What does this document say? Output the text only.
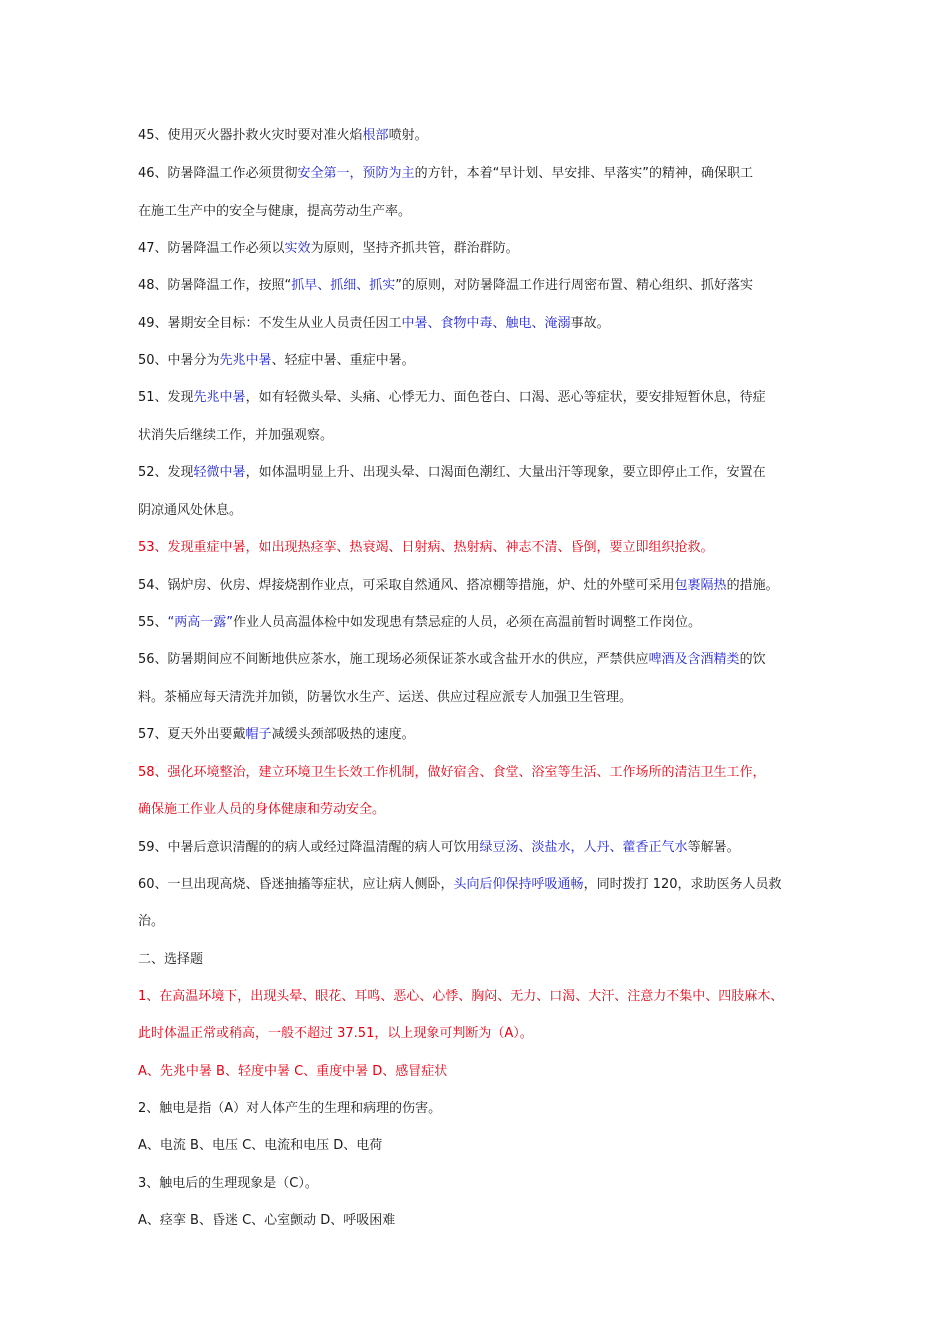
45、使用灭火器扑救火灾时要对准火焰根部喷射。
46、防暑降温工作必须贯彻安全第一，预防为主的方针，本着“早计划、早安排、早落实”的精神，确保职工
在施工生产中的安全与健康，提高劳动生产率。
47、防暑降温工作必须以实效为原则，坚持齐抓共管，群治群防。
48、防暑降温工作，按照“抓早、抓细、抓实”的原则，对防暑降温工作进行周密布置、精心组织、抓好落实
49、暑期安全目标：不发生从业人员责任因工中暑、食物中毒、触电、淹溺事故。
50、中暑分为先兆中暑、轻症中暑、重症中暑。
51、发现先兆中暑，如有轻微头晕、头痛、心悸无力、面色苍白、口渴、恶心等症状，要安排短暂休息，待症
状消失后继续工作，并加强观察。
52、发现轻微中暑，如体温明显上升、出现头晕、口渴面色潮红、大量出汗等现象，要立即停止工作，安置在
阴凉通风处休息。
53、发现重症中暑，如出现热痉挛、热衰竭、日射病、热射病、神志不清、昏倒，要立即组织抢救。
54、锅炉房、伙房、焊接烧割作业点，可采取自然通风、搭凉棚等措施，炉、灶的外壁可采用包裹隔热的措施。
55、“两高一露”作业人员高温体检中如发现患有禁忌症的人员，必须在高温前暂时调整工作岗位。
56、防暑期间应不间断地供应茶水，施工现场必须保证茶水或含盐开水的供应，严禁供应啤酒及含酒精类的饮
料。茶桶应每天清洗并加锁，防暑饮水生产、运送、供应过程应派专人加强卫生管理。
57、夏天外出要戴帽子减缓头颈部吸热的速度。
58、强化环境整治，建立环境卫生长效工作机制，做好宿舍、食堂、浴室等生活、工作场所的清洁卫生工作，
确保施工作业人员的身体健康和劳动安全。
59、中暑后意识清醒的的病人或经过降温清醒的病人可饮用绿豆汤、淡盐水，人丹、藿香正气水等解暑。
60、一旦出现高烧、昏迷抽搐等症状，应让病人侧卧，头向后仰保持呼吸通畅，同时拨打 120，求助医务人员救
治。
二、选择题
1、在高温环境下，出现头晕、眼花、耳鸣、恶心、心悸、胸闷、无力、口渴、大汗、注意力不集中、四肢麻木、
此时体温正常或稍高，一般不超过 37.51，以上现象可判断为（A）。
A、先兆中暑 B、轻度中暑 C、重度中暑 D、感冒症状
2、触电是指（A）对人体产生的生理和病理的伤害。
A、电流 B、电压 C、电流和电压 D、电荷
3、触电后的生理现象是（C）。
A、痉挛 B、昏迷 C、心室颤动 D、呼吸困难
